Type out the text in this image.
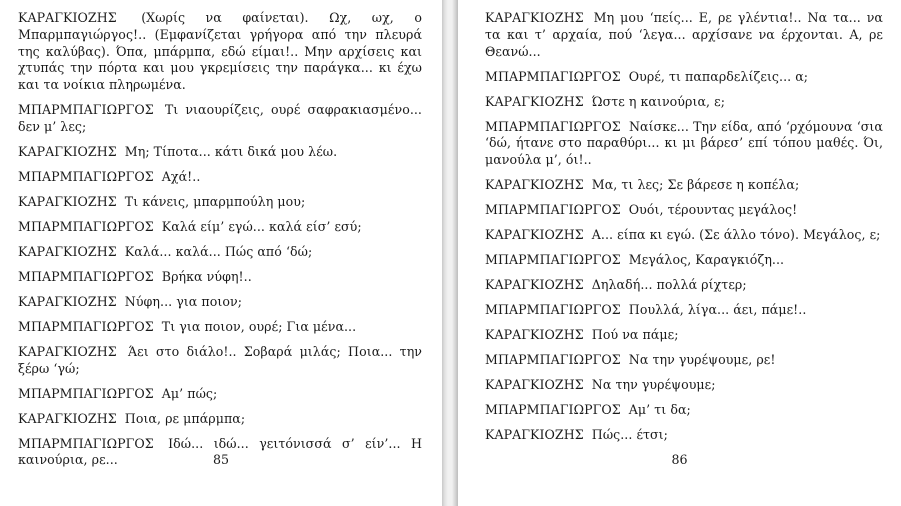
ΚΑΡΑΓΚΙΟΖΗΣ (Χωρίς να φαίνεται). Ωχ, ωχ, ο Μπαρμπαγιώργος!.. (Εμφανίζεται γρήγορα από την πλευρά της καλύβας). Όπα, μπάρμπα, εδώ είμαι!.. Μην αρχίσεις και χτυπάς την πόρτα και μου γκρεμίσεις την παράγκα... κι έχω και τα νοίκια πληρωμένα.

ΜΠΑΡΜΠΑΓΙΩΡΓΟΣ Τι νιαουρίζεις, ουρέ σαφρακιασμένο... δεν μ’ λες;

ΚΑΡΑΓΚΙΟΖΗΣ Μη; Τίποτα... κάτι δικά μου λέω.

ΜΠΑΡΜΠΑΓΙΩΡΓΟΣ Αχά!..

ΚΑΡΑΓΚΙΟΖΗΣ Τι κάνεις, μπαρμπούλη μου;

ΜΠΑΡΜΠΑΓΙΩΡΓΟΣ Καλά είμ’ εγώ... καλά είσ’ εσύ;

ΚΑΡΑΓΚΙΟΖΗΣ Καλά... καλά... Πώς από ‘δώ;

ΜΠΑΡΜΠΑΓΙΩΡΓΟΣ Βρήκα νύφη!..

ΚΑΡΑΓΚΙΟΖΗΣ Νύφη... για ποιον;

ΜΠΑΡΜΠΑΓΙΩΡΓΟΣ Τι για ποιον, ουρέ; Για μένα...

ΚΑΡΑΓΚΙΟΖΗΣ Άει στο διάλο!.. Σοβαρά μιλάς; Ποια... την ξέρω ‘γώ;

ΜΠΑΡΜΠΑΓΙΩΡΓΟΣ Αμ’ πώς;

ΚΑΡΑΓΚΙΟΖΗΣ Ποια, ρε μπάρμπα;

ΜΠΑΡΜΠΑΓΙΩΡΓΟΣ Ιδώ... ιδώ... γειτόνισσά σ’ είν’... Η καινούρια, ρε...	85

ΚΑΡΑΓΚΙΟΖΗΣ Μη μου ‘πείς... Ε, ρε γλέντια!.. Να τα... να τα και τ’ αρχαία, πού ‘λεγα... αρχίσανε να έρχονται. Α, ρε Θεανώ...

ΜΠΑΡΜΠΑΓΙΩΡΓΟΣ Ουρέ, τι παπαρδελίζεις... α;

ΚΑΡΑΓΚΙΟΖΗΣ Ώστε η καινούρια, ε;

ΜΠΑΡΜΠΑΓΙΩΡΓΟΣ Ναίσκε... Την είδα, από ‘ρχόμουνα ‘σια ‘δώ, ήτανε στο παραθύρι... κι μι βάρεσ’ επί τόπου μαθές. Όι, μανούλα μ’, όι!..

ΚΑΡΑΓΚΙΟΖΗΣ Μα, τι λες; Σε βάρεσε η κοπέλα;

ΜΠΑΡΜΠΑΓΙΩΡΓΟΣ Ουόι, τέρουντας μεγάλος!

ΚΑΡΑΓΚΙΟΖΗΣ Α... είπα κι εγώ. (Σε άλλο τόνο). Μεγάλος, ε;

ΜΠΑΡΜΠΑΓΙΩΡΓΟΣ Μεγάλος, Καραγκιόζη...

ΚΑΡΑΓΚΙΟΖΗΣ Δηλαδή... πολλά ρίχτερ;

ΜΠΑΡΜΠΑΓΙΩΡΓΟΣ Πουλλά, λίγα... άει, πάμε!..

ΚΑΡΑΓΚΙΟΖΗΣ Πού να πάμε;

ΜΠΑΡΜΠΑΓΙΩΡΓΟΣ Να την γυρέψουμε, ρε!

ΚΑΡΑΓΚΙΟΖΗΣ Να την γυρέψουμε;

ΜΠΑΡΜΠΑΓΙΩΡΓΟΣ Αμ’ τι δα;

ΚΑΡΑΓΚΙΟΖΗΣ Πώς... έτσι;

86
